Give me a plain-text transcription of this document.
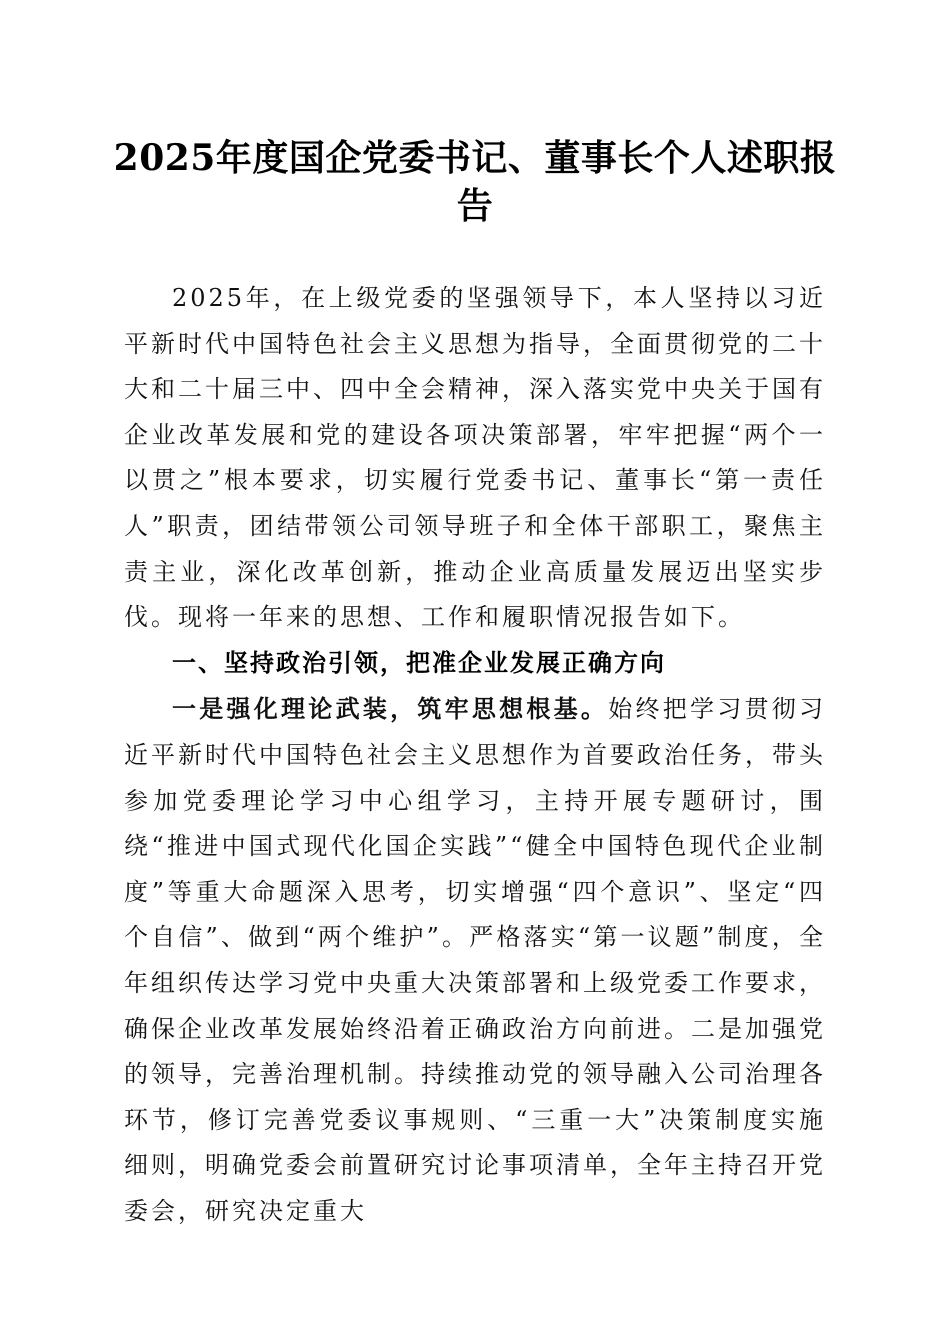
2025年度国企党委书记、董事长个人述职报告

2025年，在上级党委的坚强领导下，本人坚持以习近平新时代中国特色社会主义思想为指导，全面贯彻党的二十大和二十届三中、四中全会精神，深入落实党中央关于国有企业改革发展和党的建设各项决策部署，牢牢把握“两个一以贯之”根本要求，切实履行党委书记、董事长“第一责任人”职责，团结带领公司领导班子和全体干部职工，聚焦主责主业，深化改革创新，推动企业高质量发展迈出坚实步伐。现将一年来的思想、工作和履职情况报告如下。

一、坚持政治引领，把准企业发展正确方向

一是强化理论武装，筑牢思想根基。始终把学习贯彻习近平新时代中国特色社会主义思想作为首要政治任务，带头参加党委理论学习中心组学习，主持开展专题研讨，围绕“推进中国式现代化国企实践”“健全中国特色现代企业制度”等重大命题深入思考，切实增强“四个意识”、坚定“四个自信”、做到“两个维护”。严格落实“第一议题”制度，全年组织传达学习党中央重大决策部署和上级党委工作要求，确保企业改革发展始终沿着正确政治方向前进。二是加强党的领导，完善治理机制。持续推动党的领导融入公司治理各环节，修订完善党委议事规则、“三重一大”决策制度实施细则，明确党委会前置研究讨论事项清单，全年主持召开党委会，研究决定重大
